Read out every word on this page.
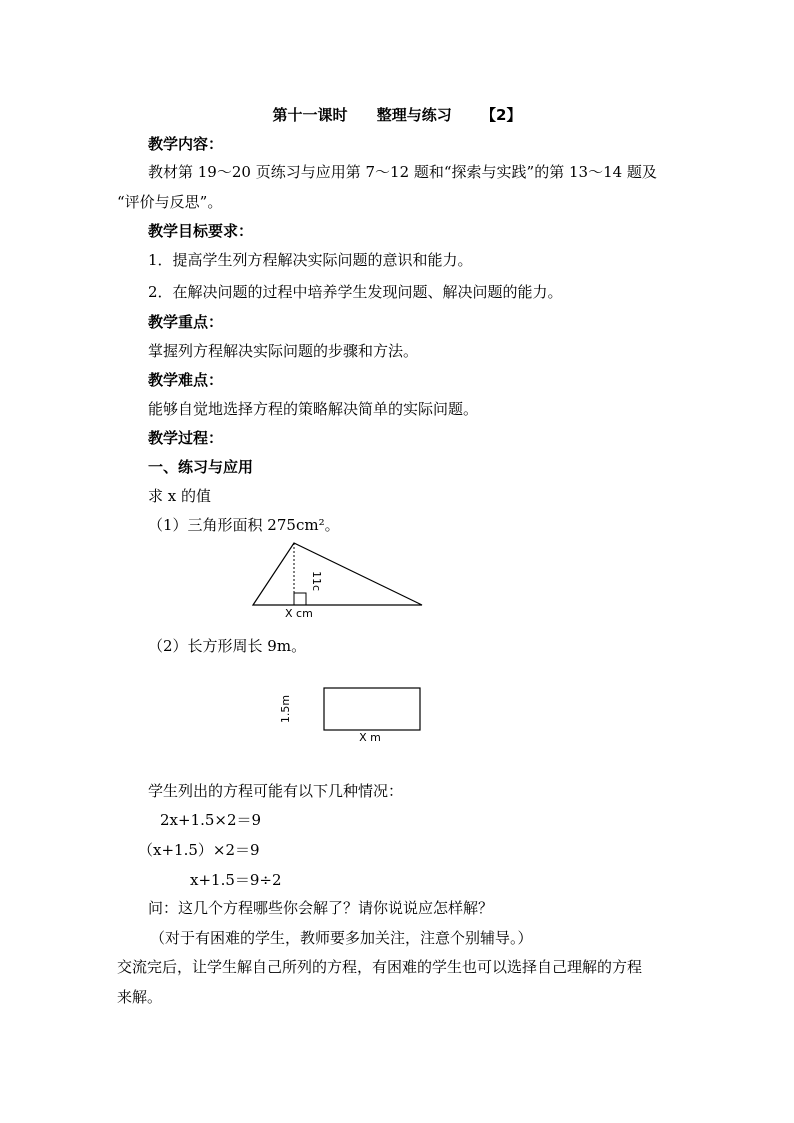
第十一课时 整理与练习 【2】
教学内容：
教材第 19～20 页练习与应用第 7～12 题和“探索与实践”的第 13～14 题及
“评价与反思”。
教学目标要求：
1．提高学生列方程解决实际问题的意识和能力。
2．在解决问题的过程中培养学生发现问题、解决问题的能力。
教学重点：
掌握列方程解决实际问题的步骤和方法。
教学难点：
能够自觉地选择方程的策略解决简单的实际问题。
教学过程：
一、练习与应用
求 x 的值
（1）三角形面积 275cm²。
11c
X cm
（2）长方形周长 9m。
1.5m
X m
学生列出的方程可能有以下几种情况：
2x+1.5×2＝9
（x+1.5）×2＝9
x+1.5＝9÷2
问：这几个方程哪些你会解了？请你说说应怎样解？
（对于有困难的学生，教师要多加关注，注意个别辅导。）
交流完后，让学生解自己所列的方程，有困难的学生也可以选择自己理解的方程
来解。
